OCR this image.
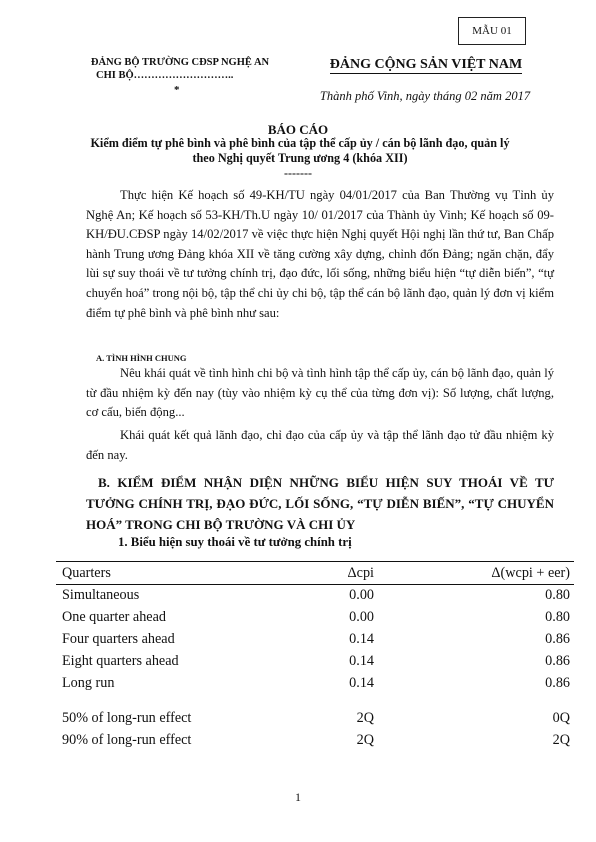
MẪU 01
ĐẢNG BỘ TRƯỜNG CĐSP NGHỆ AN

CHI BỘ………………………..
*
ĐẢNG CỘNG SẢN VIỆT NAM
Thành phố Vinh, ngày tháng 02 năm 2017
BÁO CÁO
Kiểm điểm tự phê bình và phê bình của tập thể cấp ủy / cán bộ lãnh đạo, quản lý
theo Nghị quyết Trung ương 4 (khóa XII)
-------
Thực hiện Kế hoạch số 49-KH/TU ngày 04/01/2017 của Ban Thường vụ Tỉnh ủy Nghệ An; Kế hoạch số 53-KH/Th.U ngày 10/ 01/2017 của Thành ủy Vinh; Kế hoạch số 09-KH/ĐU.CĐSP ngày 14/02/2017 về việc thực hiện Nghị quyết Hội nghị lần thứ tư, Ban Chấp hành Trung ương Đảng khóa XII về tăng cường xây dựng, chỉnh đốn Đảng; ngăn chặn, đẩy lùi sự suy thoái về tư tưởng chính trị, đạo đức, lối sống, những biểu hiện “tự diễn biến”, “tự chuyển hoá” trong nội bộ, tập thể chi ủy chi bộ, tập thể cán bộ lãnh đạo, quản lý đơn vị kiểm điểm tự phê bình và phê bình như sau:
A. TÌNH HÌNH CHUNG
Nêu khái quát về tình hình chi bộ và tình hình tập thể cấp ủy, cán bộ lãnh đạo, quản lý từ đầu nhiệm kỳ đến nay (tùy vào nhiệm kỳ cụ thể của từng đơn vị): Số lượng, chất lượng, cơ cấu, biến động...
Khái quát kết quả lãnh đạo, chỉ đạo của cấp ủy và tập thể lãnh đạo tử đầu nhiệm kỳ đến nay.
B. KIỂM ĐIỂM NHẬN DIỆN NHỮNG BIỂU HIỆN SUY THOÁI VỀ TƯ TƯỞNG CHÍNH TRỊ, ĐẠO ĐỨC, LỐI SỐNG, “TỰ DIỄN BIẾN”, “TỰ CHUYỂN HOÁ” TRONG CHI BỘ TRƯỜNG VÀ CHI ỦY
1. Biểu hiện suy thoái về tư tưởng chính trị
Quarters	Δcpi	Δ(wcpi + eer)
Simultaneous	0.00	0.80
One quarter ahead	0.00	0.80
Four quarters ahead	0.14	0.86
Eight quarters ahead	0.14	0.86
Long run	0.14	0.86

50% of long-run effect	2Q	0Q
90% of long-run effect	2Q	2Q
1
